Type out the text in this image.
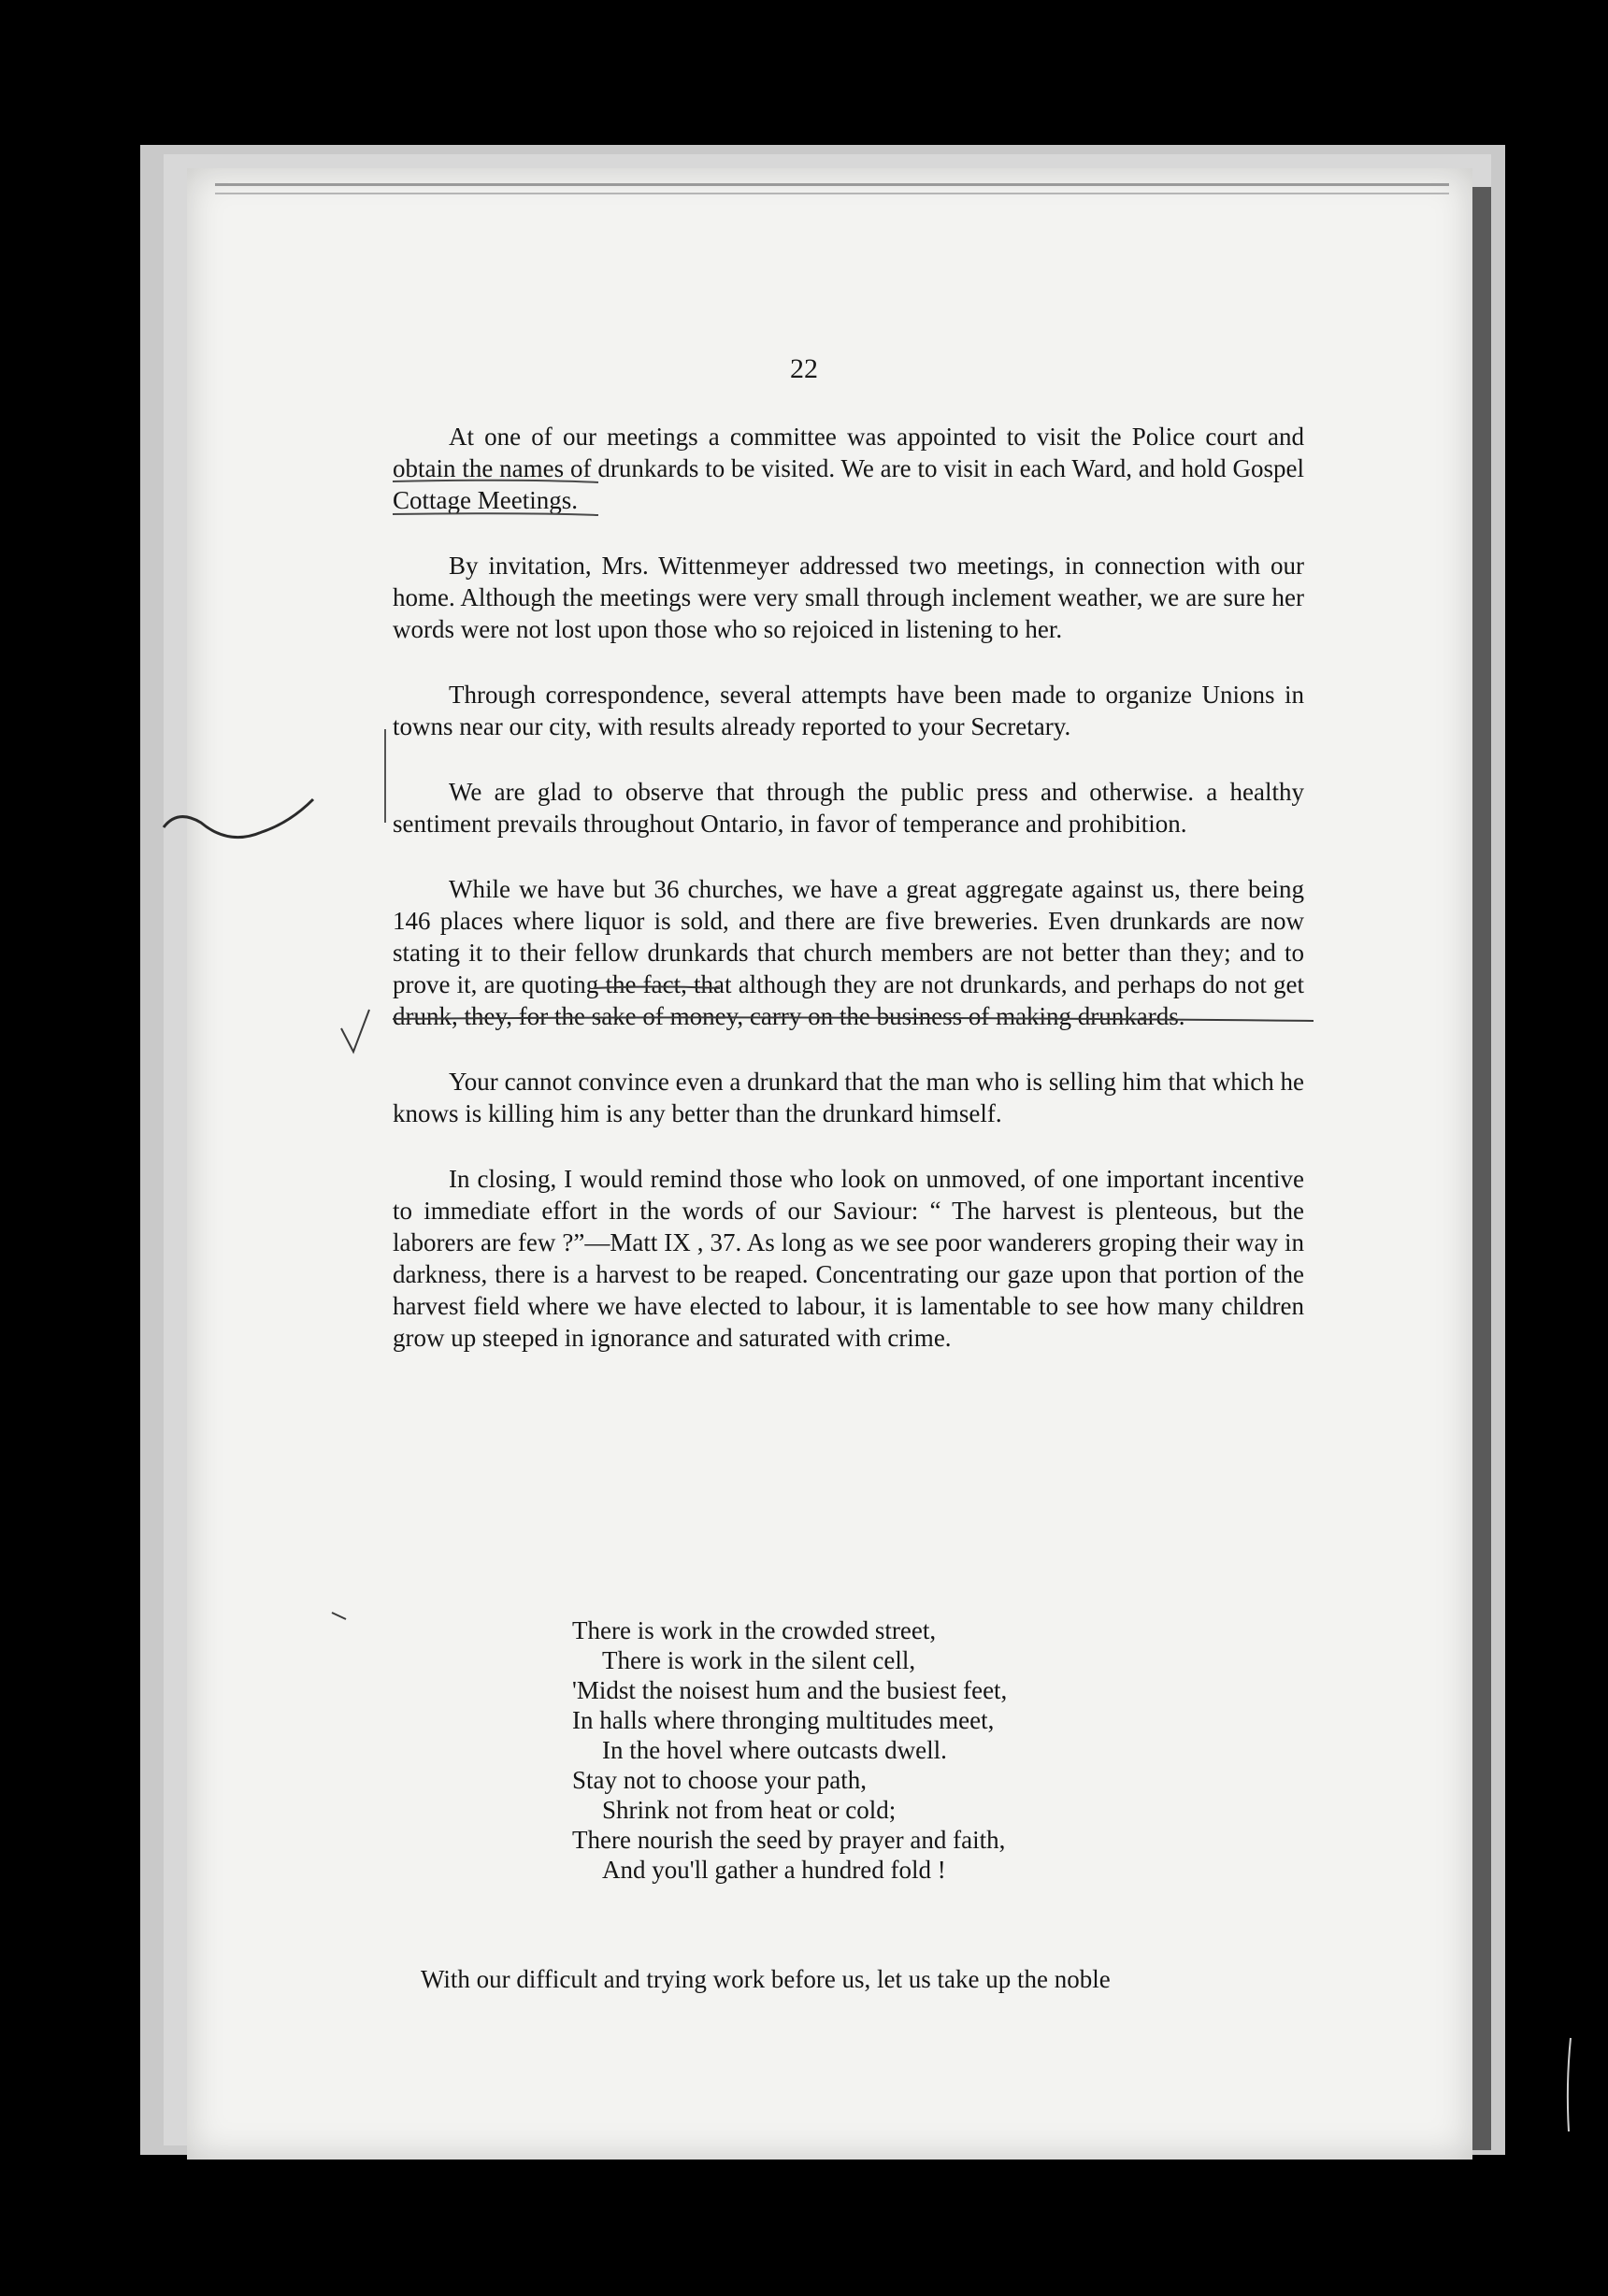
22

At one of our meetings a committee was appointed to visit the Police court and obtain the names of drunkards to be visited. We are to visit in each Ward, and hold Gospel Cottage Meetings.

By invitation, Mrs. Wittenmeyer addressed two meetings, in connection with our home. Although the meetings were very small through inclement weather, we are sure her words were not lost upon those who so rejoiced in listening to her.

Through correspondence, several attempts have been made to organize Unions in towns near our city, with results already reported to your Secretary.

We are glad to observe that through the public press and otherwise. a healthy sentiment prevails throughout Ontario, in favor of temperance and prohibition.

While we have but 36 churches, we have a great aggregate against us, there being 146 places where liquor is sold, and there are five breweries. Even drunkards are now stating it to their fellow drunkards that church members are not better than they; and to prove it, are quoting the fact, that although they are not drunkards, and perhaps do not get drunk, they, for the sake of money, carry on the business of making drunkards.

Your cannot convince even a drunkard that the man who is selling him that which he knows is killing him is any better than the drunkard himself.

In closing, I would remind those who look on unmoved, of one important incentive to immediate effort in the words of our Saviour: “ The harvest is plenteous, but the laborers are few ?”—Matt IX , 37. As long as we see poor wanderers groping their way in darkness, there is a harvest to be reaped. Concentrating our gaze upon that portion of the harvest field where we have elected to labour, it is lamentable to see how many children grow up steeped in ignorance and saturated with crime.

There is work in the crowded street,
There is work in the silent cell,
'Midst the noisest hum and the busiest feet,
In halls where thronging multitudes meet,
In the hovel where outcasts dwell.
Stay not to choose your path,
Shrink not from heat or cold;
There nourish the seed by prayer and faith,
And you'll gather a hundred fold !
With our difficult and trying work before us, let us take up the noble
